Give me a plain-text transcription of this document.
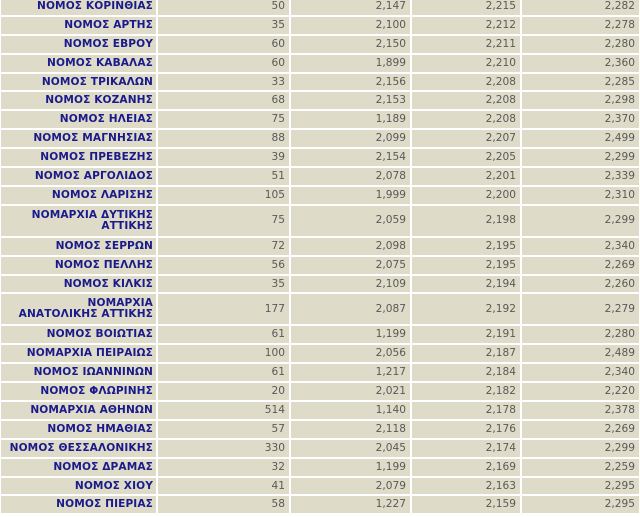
ΝΟΜΟΣ ΚΟΡΙΝΘΙΑΣ	50	2,147	2,215	2,282
ΝΟΜΟΣ ΑΡΤΗΣ	35	2,100	2,212	2,278
ΝΟΜΟΣ ΕΒΡΟΥ	60	2,150	2,211	2,280
ΝΟΜΟΣ ΚΑΒΑΛΑΣ	60	1,899	2,210	2,360
ΝΟΜΟΣ ΤΡΙΚΑΛΩΝ	33	2,156	2,208	2,285
ΝΟΜΟΣ ΚΟΖΑΝΗΣ	68	2,153	2,208	2,298
ΝΟΜΟΣ ΗΛΕΙΑΣ	75	1,189	2,208	2,370
ΝΟΜΟΣ ΜΑΓΝΗΣΙΑΣ	88	2,099	2,207	2,499
ΝΟΜΟΣ ΠΡΕΒΕΖΗΣ	39	2,154	2,205	2,299
ΝΟΜΟΣ ΑΡΓΟΛΙΔΟΣ	51	2,078	2,201	2,339
ΝΟΜΟΣ ΛΑΡΙΣΗΣ	105	1,999	2,200	2,310
ΝΟΜΑΡΧΙΑ ΔΥΤΙΚΗΣ
ΑΤΤΙΚΗΣ	75	2,059	2,198	2,299
ΝΟΜΟΣ ΣΕΡΡΩΝ	72	2,098	2,195	2,340
ΝΟΜΟΣ ΠΕΛΛΗΣ	56	2,075	2,195	2,269
ΝΟΜΟΣ ΚΙΛΚΙΣ	35	2,109	2,194	2,260
ΝΟΜΑΡΧΙΑ
ΑΝΑΤΟΛΙΚΗΣ ΑΤΤΙΚΗΣ	177	2,087	2,192	2,279
ΝΟΜΟΣ ΒΟΙΩΤΙΑΣ	61	1,199	2,191	2,280
ΝΟΜΑΡΧΙΑ ΠΕΙΡΑΙΩΣ	100	2,056	2,187	2,489
ΝΟΜΟΣ ΙΩΑΝΝΙΝΩΝ	61	1,217	2,184	2,340
ΝΟΜΟΣ ΦΛΩΡΙΝΗΣ	20	2,021	2,182	2,220
ΝΟΜΑΡΧΙΑ ΑΘΗΝΩΝ	514	1,140	2,178	2,378
ΝΟΜΟΣ ΗΜΑΘΙΑΣ	57	2,118	2,176	2,269
ΝΟΜΟΣ ΘΕΣΣΑΛΟΝΙΚΗΣ	330	2,045	2,174	2,299
ΝΟΜΟΣ ΔΡΑΜΑΣ	32	1,199	2,169	2,259
ΝΟΜΟΣ ΧΙΟΥ	41	2,079	2,163	2,295
ΝΟΜΟΣ ΠΙΕΡΙΑΣ	58	1,227	2,159	2,295
